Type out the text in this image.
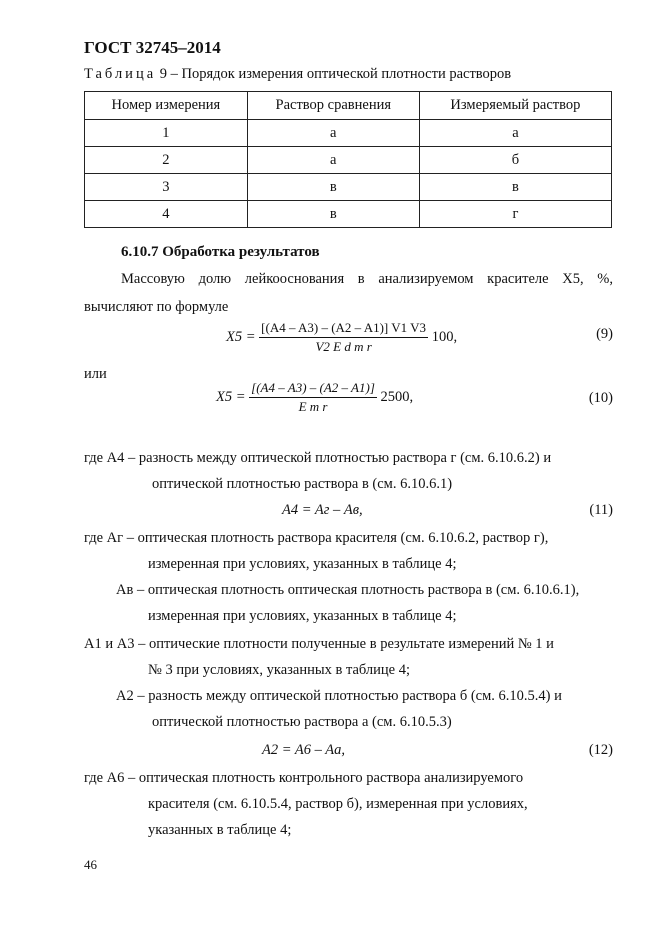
ГОСТ 32745–2014
Таблица 9 – Порядок измерения оптической плотности растворов
Номер измерения	Раствор сравнения	Измеряемый раствор
1	а	а
2	а	б
3	в	в
4	в	г
6.10.7 Обработка результатов
Массовую долю лейкооснования в анализируемом красителе X5, %,
вычисляют по формуле
$X5 = \frac{[(A4 - A3) - (A2 - A1)] V1 V3}{\text{V2 E d m r}} 100$,	(9)
или
$X5 = \frac{[(A4 - A3) - (A2 - A1)]}{\text{E m r}} 2500$,	(10)
где A4 – разность между оптической плотностью раствора г (см. 6.10.6.2) и
оптической плотностью раствора в (см. 6.10.6.1)
A4 = Aг – Aв,	(11)
где Aг – оптическая плотность раствора красителя (см. 6.10.6.2, раствор г),
измеренная при условиях, указанных в таблице 4;
Aв – оптическая плотность оптическая плотность раствора в (см. 6.10.6.1),
измеренная при условиях, указанных в таблице 4;
A1 и A3 – оптические плотности полученные в результате измерений № 1 и
№ 3 при условиях, указанных в таблице 4;
A2 – разность между оптической плотностью раствора б (см. 6.10.5.4) и
оптической плотностью раствора а (см. 6.10.5.3)
A2 = A6 – Aа,	(12)
где A6 – оптическая плотность контрольного раствора анализируемого
красителя (см. 6.10.5.4, раствор б), измеренная при условиях,
указанных в таблице 4;
46
